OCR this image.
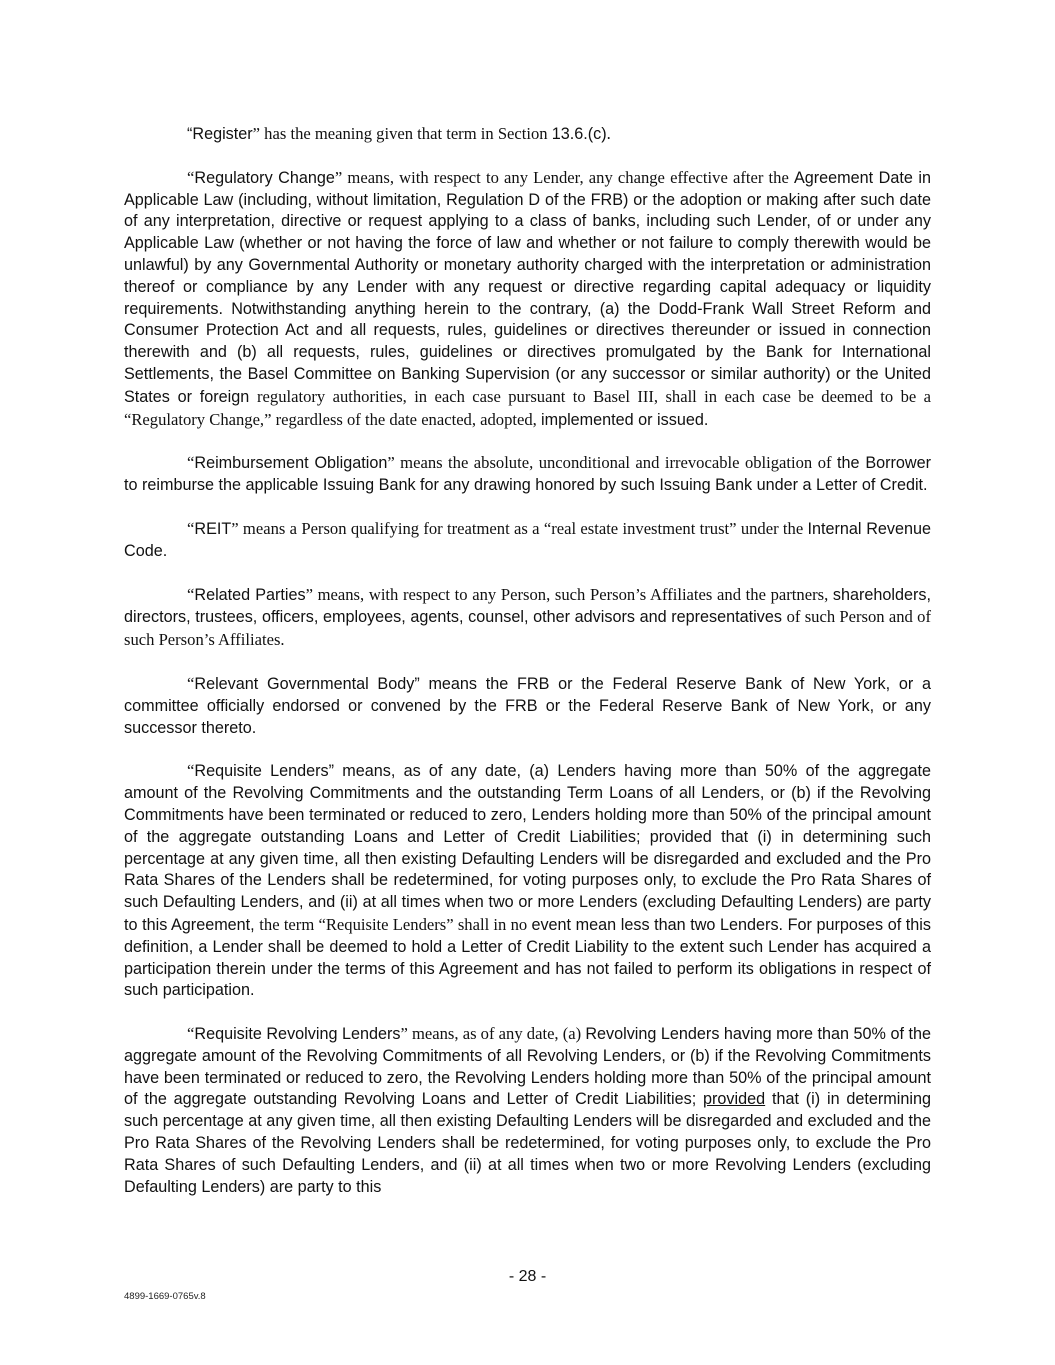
“Register” has the meaning given that term in Section 13.6.(c).

“Regulatory Change” means, with respect to any Lender, any change effective after the Agreement Date in Applicable Law (including, without limitation, Regulation D of the FRB) or the adoption or making after such date of any interpretation, directive or request applying to a class of banks, including such Lender, of or under any Applicable Law (whether or not having the force of law and whether or not failure to comply therewith would be unlawful) by any Governmental Authority or monetary authority charged with the interpretation or administration thereof or compliance by any Lender with any request or directive regarding capital adequacy or liquidity requirements. Notwithstanding anything herein to the contrary, (a) the Dodd-Frank Wall Street Reform and Consumer Protection Act and all requests, rules, guidelines or directives thereunder or issued in connection therewith and (b) all requests, rules, guidelines or directives promulgated by the Bank for International Settlements, the Basel Committee on Banking Supervision (or any successor or similar authority) or the United States or foreign regulatory authorities, in each case pursuant to Basel III, shall in each case be deemed to be a “Regulatory Change,” regardless of the date enacted, adopted, implemented or issued.

“Reimbursement Obligation” means the absolute, unconditional and irrevocable obligation of the Borrower to reimburse the applicable Issuing Bank for any drawing honored by such Issuing Bank under a Letter of Credit.

“REIT” means a Person qualifying for treatment as a “real estate investment trust” under the Internal Revenue Code.

“Related Parties” means, with respect to any Person, such Person’s Affiliates and the partners, shareholders, directors, trustees, officers, employees, agents, counsel, other advisors and representatives of such Person and of such Person’s Affiliates.

“Relevant Governmental Body” means the FRB or the Federal Reserve Bank of New York, or a committee officially endorsed or convened by the FRB or the Federal Reserve Bank of New York, or any successor thereto.

“Requisite Lenders” means, as of any date, (a) Lenders having more than 50% of the aggregate amount of the Revolving Commitments and the outstanding Term Loans of all Lenders, or (b) if the Revolving Commitments have been terminated or reduced to zero, Lenders holding more than 50% of the principal amount of the aggregate outstanding Loans and Letter of Credit Liabilities; provided that (i) in determining such percentage at any given time, all then existing Defaulting Lenders will be disregarded and excluded and the Pro Rata Shares of the Lenders shall be redetermined, for voting purposes only, to exclude the Pro Rata Shares of such Defaulting Lenders, and (ii) at all times when two or more Lenders (excluding Defaulting Lenders) are party to this Agreement, the term “Requisite Lenders” shall in no event mean less than two Lenders. For purposes of this definition, a Lender shall be deemed to hold a Letter of Credit Liability to the extent such Lender has acquired a participation therein under the terms of this Agreement and has not failed to perform its obligations in respect of such participation.

“Requisite Revolving Lenders” means, as of any date, (a) Revolving Lenders having more than 50% of the aggregate amount of the Revolving Commitments of all Revolving Lenders, or (b) if the Revolving Commitments have been terminated or reduced to zero, the Revolving Lenders holding more than 50% of the principal amount of the aggregate outstanding Revolving Loans and Letter of Credit Liabilities; provided that (i) in determining such percentage at any given time, all then existing Defaulting Lenders will be disregarded and excluded and the Pro Rata Shares of the Revolving Lenders shall be redetermined, for voting purposes only, to exclude the Pro Rata Shares of such Defaulting Lenders, and (ii) at all times when two or more Revolving Lenders (excluding Defaulting Lenders) are party to this

- 28 -
4899-1669-0765v.8
